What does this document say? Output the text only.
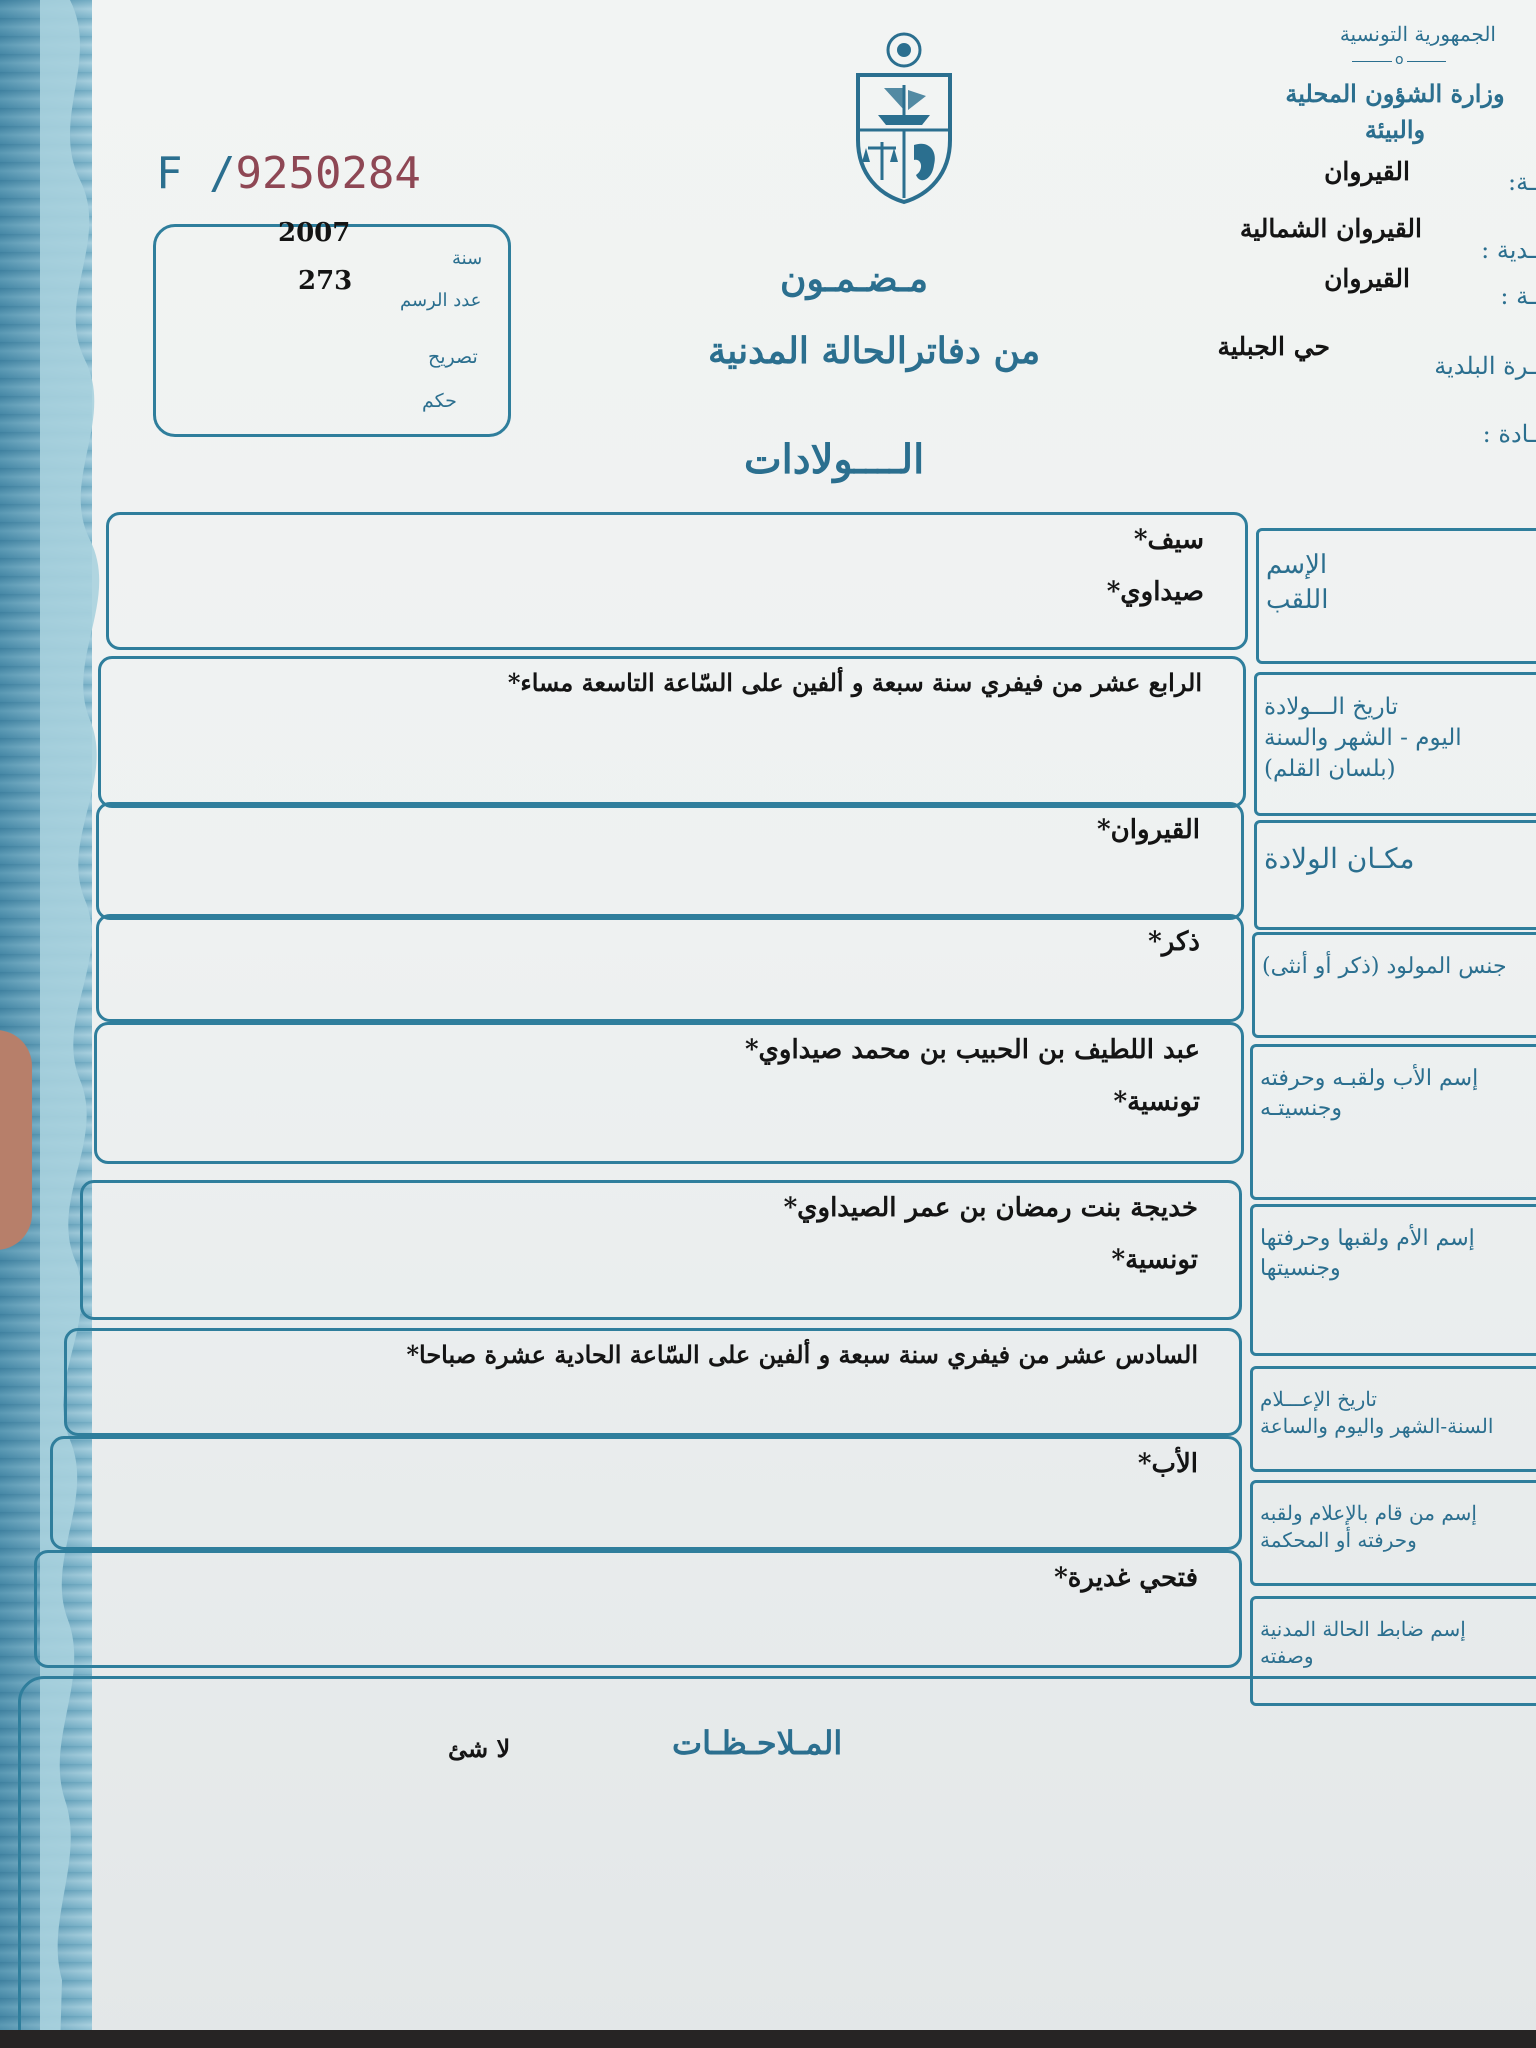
الجمهورية التونسية
o
وزارة الشؤون المحلية والبيئة
ـة:
القيروان
القيروان الشمالية
ـدية :
القيروان
ـة :
حي الجبلية
ـرة البلدية
ـادة :
F /9250284
سنة
2007
عدد الرسم
273
تصريح
حكم
مـضـمـون
من دفاترالحالة المدنية
الــــولادات
الإسم
اللقب
سيف*
صيداوي*
تاريخ الـــولادة
اليوم - الشهر والسنة
(بلسان القلم)
الرابع عشر من فيفري سنة سبعة و ألفين على السّاعة التاسعة مساء*
مكـان الولادة
القيروان*
جنس المولود (ذكر أو أنثى)
ذكر*
إسم الأب ولقبـه وحرفته
وجنسيتـه
عبد اللطيف بن الحبيب بن محمد صيداوي*
تونسية*
إسم الأم ولقبها وحرفتها
وجنسيتها
خديجة بنت رمضان بن عمر الصيداوي*
تونسية*
تاريخ الإعـــلام
السنة-الشهر واليوم والساعة
السادس عشر من فيفري سنة سبعة و ألفين على السّاعة الحادية عشرة صباحا*
إسم من قام بالإعلام ولقبه
وحرفته أو المحكمة
الأب*
إسم ضابط الحالة المدنية
وصفته
فتحي غديرة*
المـلاحـظـات
لا شئ
